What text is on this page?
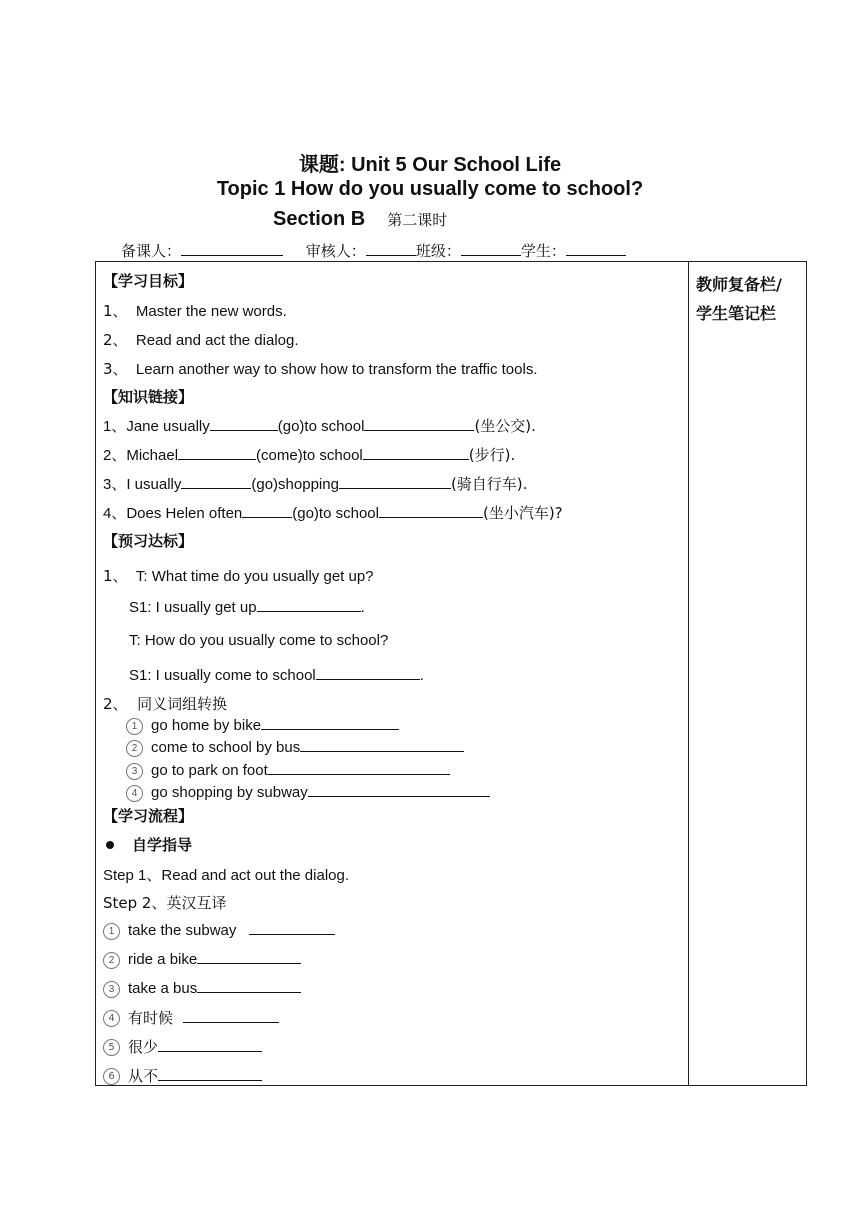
课题: Unit 5 Our School Life
Topic 1 How do you usually come to school?
Section B 第二课时
备课人：	审核人：	班级：	学生：
教师复备栏/
学生笔记栏
【学习目标】
1、 Master the new words.
2、 Read and act the dialog.
3、 Learn another way to show how to transform the traffic tools.
【知识链接】
1、Jane usually	(go)to school	(坐公交).
2、Michael	(come)to school	(步行).
3、I usually	(go)shopping	(骑自行车).
4、Does Helen often	(go)to school	(坐小汽车)?
【预习达标】
1、 T: What time do you usually get up?
S1: I usually get up	.
T: How do you usually come to school?
S1: I usually come to school	.
2、 同义词组转换
1 go home by bike
2 come to school by bus
3 go to park on foot
4 go shopping by subway
【学习流程】
自学指导
Step 1、Read and act out the dialog.
Step 2、英汉互译
1 take the subway
2 ride a bike
3 take a bus
4 有时候
5 很少
6 从不
